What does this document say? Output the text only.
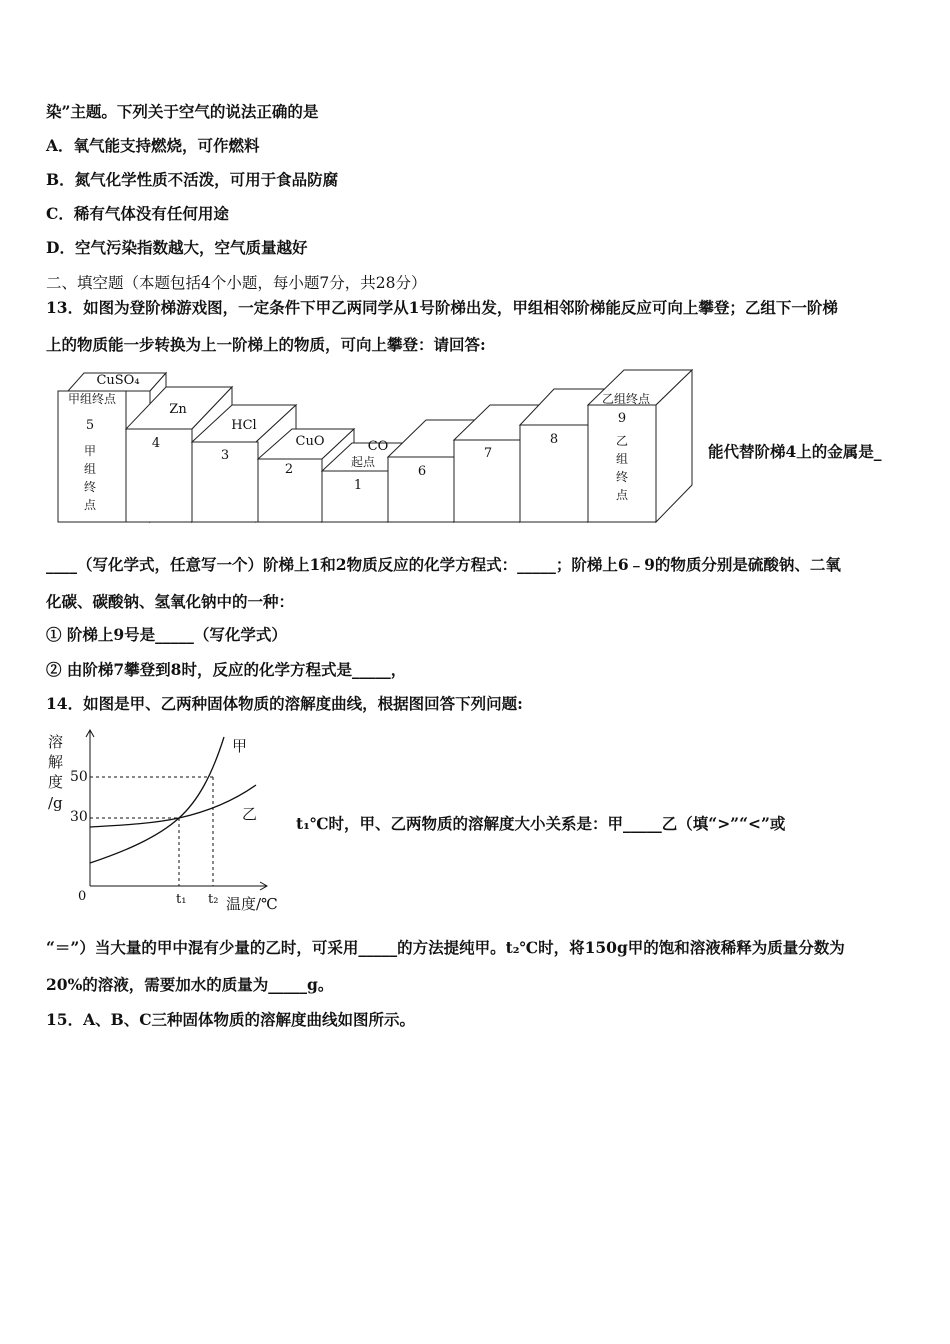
染”主题。下列关于空气的说法正确的是
A．氧气能支持燃烧，可作燃料
B．氮气化学性质不活泼，可用于食品防腐
C．稀有气体没有任何用途
D．空气污染指数越大，空气质量越好
二、填空题（本题包括4个小题，每小题7分，共28分）
13．如图为登阶梯游戏图，一定条件下甲乙两同学从1号阶梯出发，甲组相邻阶梯能反应可向上攀登；乙组下一阶梯
上的物质能一步转换为上一阶梯上的物质，可向上攀登：请回答:
CuSO₄
甲组终点
5
甲
组
终
点
Zn
4
HCl
3
CuO
2
CO
起点
1
6
7
8
乙组终点
9
乙
组
终
点
能代替阶梯4上的金属是_
____（写化学式，任意写一个）阶梯上1和2物质反应的化学方程式：_____；阶梯上6﹣9的物质分别是硫酸钠、二氧
化碳、碳酸钠、氢氧化钠中的一种：
① 阶梯上9号是_____（写化学式）
② 由阶梯7攀登到8时，反应的化学方程式是_____，
14．如图是甲、乙两种固体物质的溶解度曲线，根据图回答下列问题:
溶
解
度
/g
50
30
0	t₁ t₂ 温度/℃
甲
乙	t₁℃时，甲、乙两物质的溶解度大小关系是：甲_____乙（填“>”“<”或
“＝”）当大量的甲中混有少量的乙时，可采用_____的方法提纯甲。t₂℃时，将150g甲的饱和溶液稀释为质量分数为
20%的溶液，需要加水的质量为_____g。
15．A、B、C三种固体物质的溶解度曲线如图所示。
